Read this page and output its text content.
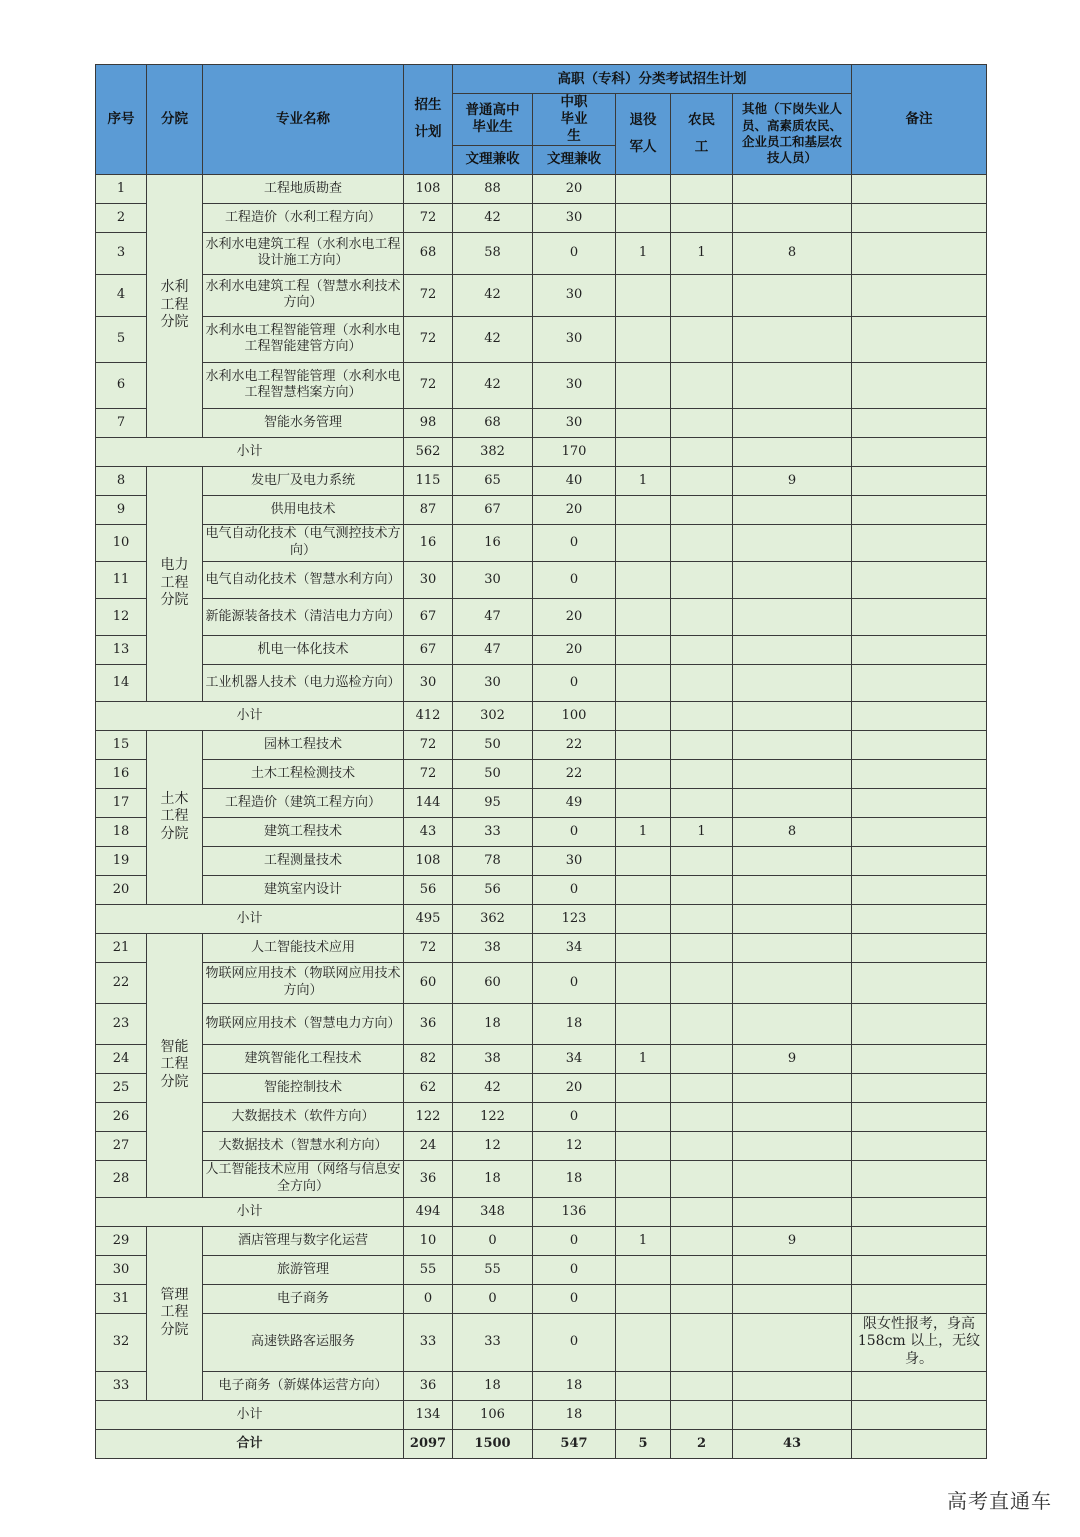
序号	分院	专业名称	招生计划	高职（专科）分类考试招生计划					备注
				普通高中毕业生	中职毕业生	退役军人	农民工	其他（下岗失业人员、高素质农民、企业员工和基层农技人员）	
				文理兼收	文理兼收				
1	水利工程分院	工程地质勘查	108	88	20				
2		工程造价（水利工程方向）	72	42	30				
3		水利水电建筑工程（水利水电工程设计施工方向）	68	58	0	1	1	8	
4		水利水电建筑工程（智慧水利技术方向）	72	42	30				
5		水利水电工程智能管理（水利水电工程智能建管方向）	72	42	30				
6		水利水电工程智能管理（水利水电工程智慧档案方向）	72	42	30				
7		智能水务管理	98	68	30				
小计			562	382	170				
8	电力工程分院	发电厂及电力系统	115	65	40	1		9	
9		供用电技术	87	67	20				
10		电气自动化技术（电气测控技术方向）	16	16	0				
11		电气自动化技术（智慧水利方向）	30	30	0				
12		新能源装备技术（清洁电力方向）	67	47	20				
13		机电一体化技术	67	47	20				
14		工业机器人技术（电力巡检方向）	30	30	0				
小计			412	302	100				
15	土木工程分院	园林工程技术	72	50	22				
16		土木工程检测技术	72	50	22				
17		工程造价（建筑工程方向）	144	95	49				
18		建筑工程技术	43	33	0	1	1	8	
19		工程测量技术	108	78	30				
20		建筑室内设计	56	56	0				
小计			495	362	123				
21	智能工程分院	人工智能技术应用	72	38	34				
22		物联网应用技术（物联网应用技术方向）	60	60	0				
23		物联网应用技术（智慧电力方向）	36	18	18				
24		建筑智能化工程技术	82	38	34	1		9	
25		智能控制技术	62	42	20				
26		大数据技术（软件方向）	122	122	0				
27		大数据技术（智慧水利方向）	24	12	12				
28		人工智能技术应用（网络与信息安全方向）	36	18	18				
小计			494	348	136				
29	管理工程分院	酒店管理与数字化运营	10	0	0	1		9	
30		旅游管理	55	55	0				
31		电子商务	0	0	0				
32		高速铁路客运服务	33	33	0				限女性报考，身高 158cm 以上，无纹身。
33		电子商务（新媒体运营方向）	36	18	18				
小计			134	106	18				
合计			2097	1500	547	5	2	43	
高考直通车
